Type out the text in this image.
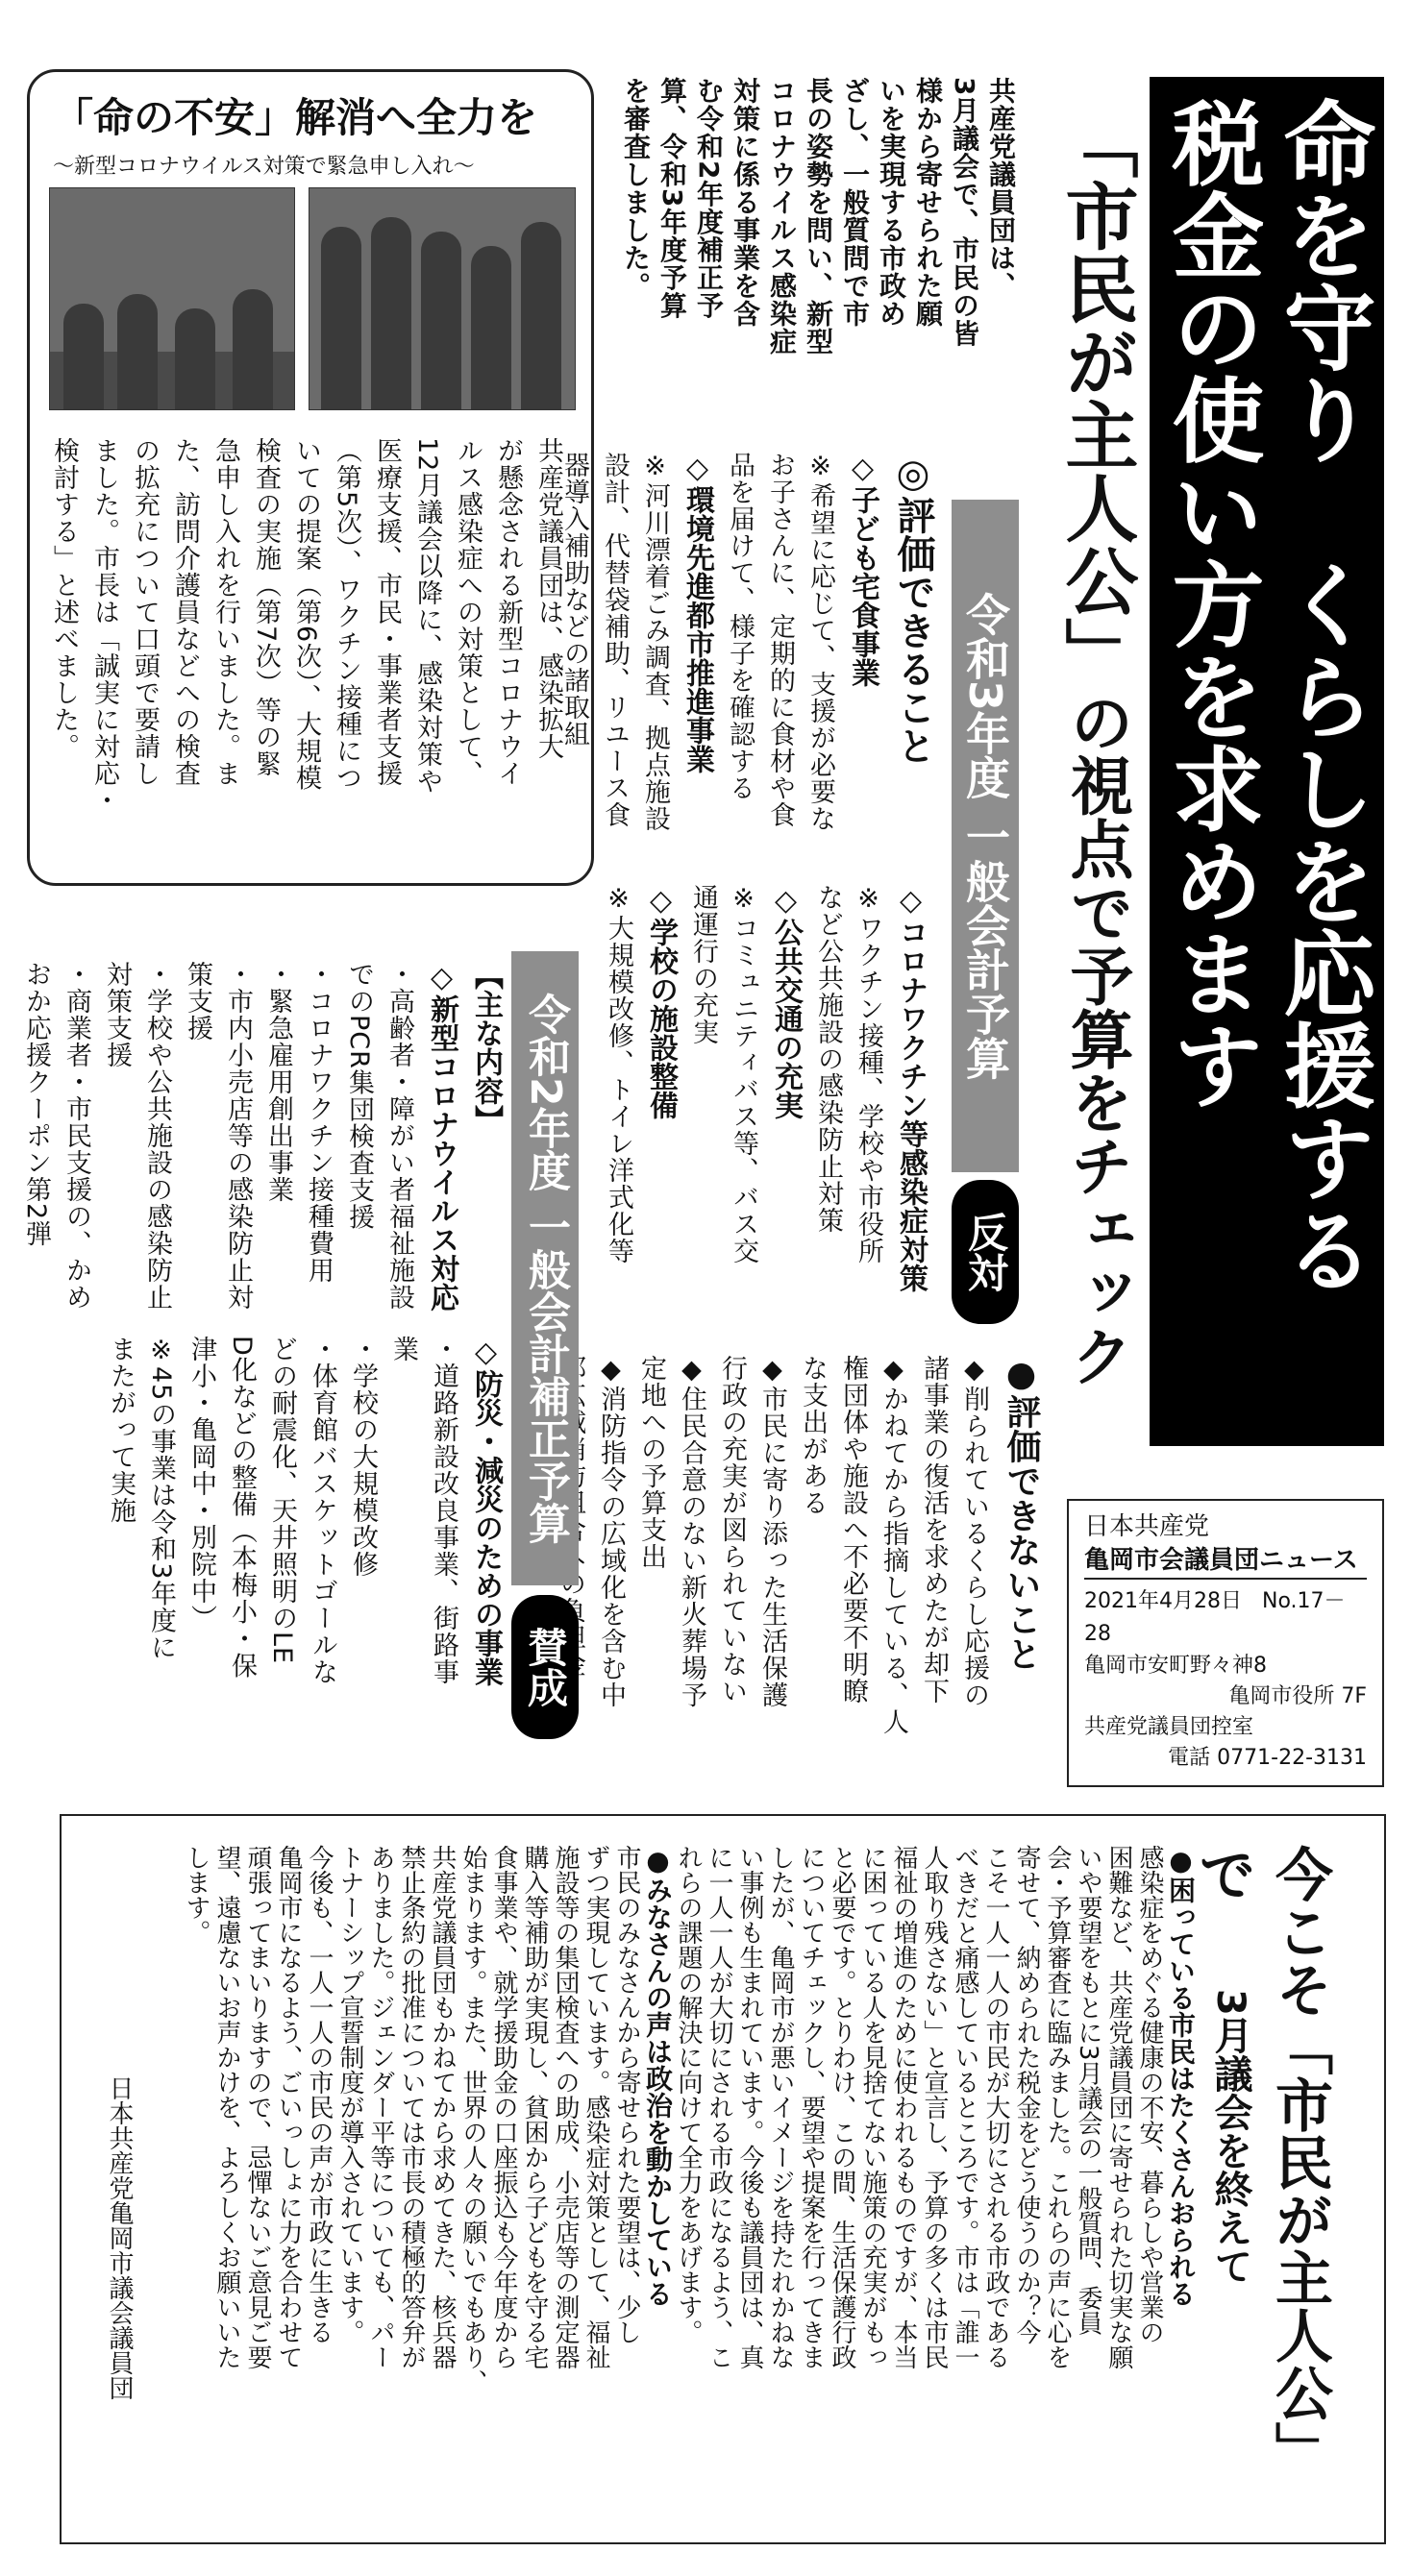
「命の不安」解消へ全力を
～新型コロナウイルス対策で緊急申し入れ～

共産党議員団は、感染拡大

が懸念される新型コロナウイ

ルス感染症への対策として、

12月議会以降に、感染対策や

医療支援、市民・事業者支援

（第5次）、ワクチン接種につ

いての提案（第6次）、大規模

検査の実施（第7次）等の緊

急申し入れを行いました。ま

た、訪問介護員などへの検査

の拡充について口頭で要請し

ました。市長は「誠実に対応・

検討する」と述べました。

共産党議員団は、

3月議会で、市民の皆

様から寄せられた願

いを実現する市政め

ざし、一般質問で市

長の姿勢を問い、新型

コロナウイルス感染症

対策に係る事業を含

む令和2年度補正予

算、令和3年度予算

を審査しました。	「市民が主人公」の視点で予算をチェック 命を守り　くらしを応援する

税金の使い方を求めます

令和3年度 一般会計予算
反対
◎評価できること
◇子ども宅食事業
※希望に応じて、支援が必要な
お子さんに、定期的に食材や食
品を届けて、様子を確認する
◇環境先進都市推進事業
※河川漂着ごみ調査、拠点施設
設計、代替袋補助、リユース食
器導入補助などの諸取組
◇コロナワクチン等感染症対策
※ワクチン接種、学校や市役所
など公共施設の感染防止対策
◇公共交通の充実
※コミュニティバス等、バス交
通運行の充実
◇学校の施設整備
※大規模改修、トイレ洋式化等
●評価できないこと
◆削られているくらし応援の
諸事業の復活を求めたが却下
◆かねてから指摘している、人
権団体や施設へ不必要不明瞭
な支出がある
◆市民に寄り添った生活保護
行政の充実が図られていない
◆住民合意のない新火葬場予
定地への予算支出
◆消防指令の広域化を含む中
令和2年度 一般会計補正予算
賛成
【主な内容】
◇新型コロナウイルス対応
・高齢者・障がい者福祉施設
でのPCR集団検査支援
・コロナワクチン接種費用
・緊急雇用創出事業
・市内小売店等の感染防止対
策支援
・学校や公共施設の感染防止
対策支援
・商業者・市民支援の、かめ
おか応援クーポン第2弾
◇防災・減災のための事業
・道路新設改良事業、街路事
業
・学校の大規模改修
・体育館バスケットゴールな
どの耐震化、天井照明のLE
D化などの整備（本梅小・保
津小・亀岡中・別院中）
※45の事業は令和3年度に
またがって実施
日本共産党
亀岡市会議員団ニュース
2021年4月28日 No.17－28
亀岡市安町野々神8
亀岡市役所 7F
共産党議員団控室
電話 0771-22-3131
今こそ「市民が主人公」で
3月議会を終えて
●困っている市民はたくさんおられる
感染症をめぐる健康の不安、暮らしや営業の
困難など、共産党議員団に寄せられた切実な願
いや要望をもとに3月議会の一般質問、委員
会・予算審査に臨みました。これらの声に心を
寄せて、納められた税金をどう使うのか？今
こそ一人一人の市民が大切にされる市政である
べきだと痛感しているところです。市は「誰一
人取り残さない」と宣言し、予算の多くは市民
福祉の増進のために使われるものですが、本当
に困っている人を見捨てない施策の充実がもっ
と必要です。とりわけ、この間、生活保護行政
についてチェックし、要望や提案を行ってきま
したが、亀岡市が悪いイメージを持たれかねな
い事例も生まれています。今後も議員団は、真
に一人一人が大切にされる市政になるよう、こ
れらの課題の解決に向けて全力をあげます。
●みなさんの声は政治を動かしている
市民のみなさんから寄せられた要望は、少し
ずつ実現しています。感染症対策として、福祉
施設等の集団検査への助成、小売店等の測定器
購入等補助が実現し、貧困から子どもを守る宅
食事業や、就学援助金の口座振込も今年度から
始まります。また、世界の人々の願いでもあり、
共産党議員団もかねてから求めてきた、核兵器
禁止条約の批准については市長の積極的答弁が
ありました。ジェンダー平等についても、パー
トナーシップ宣誓制度が導入されています。
今後も、一人一人の市民の声が市政に生きる
亀岡市になるよう、ごいっしょに力を合わせて
頑張ってまいりますので、忌憚ないご意見ご要
望、遠慮ないお声かけを、よろしくお願いいた
します。
日本共産党亀岡市議会議員団
